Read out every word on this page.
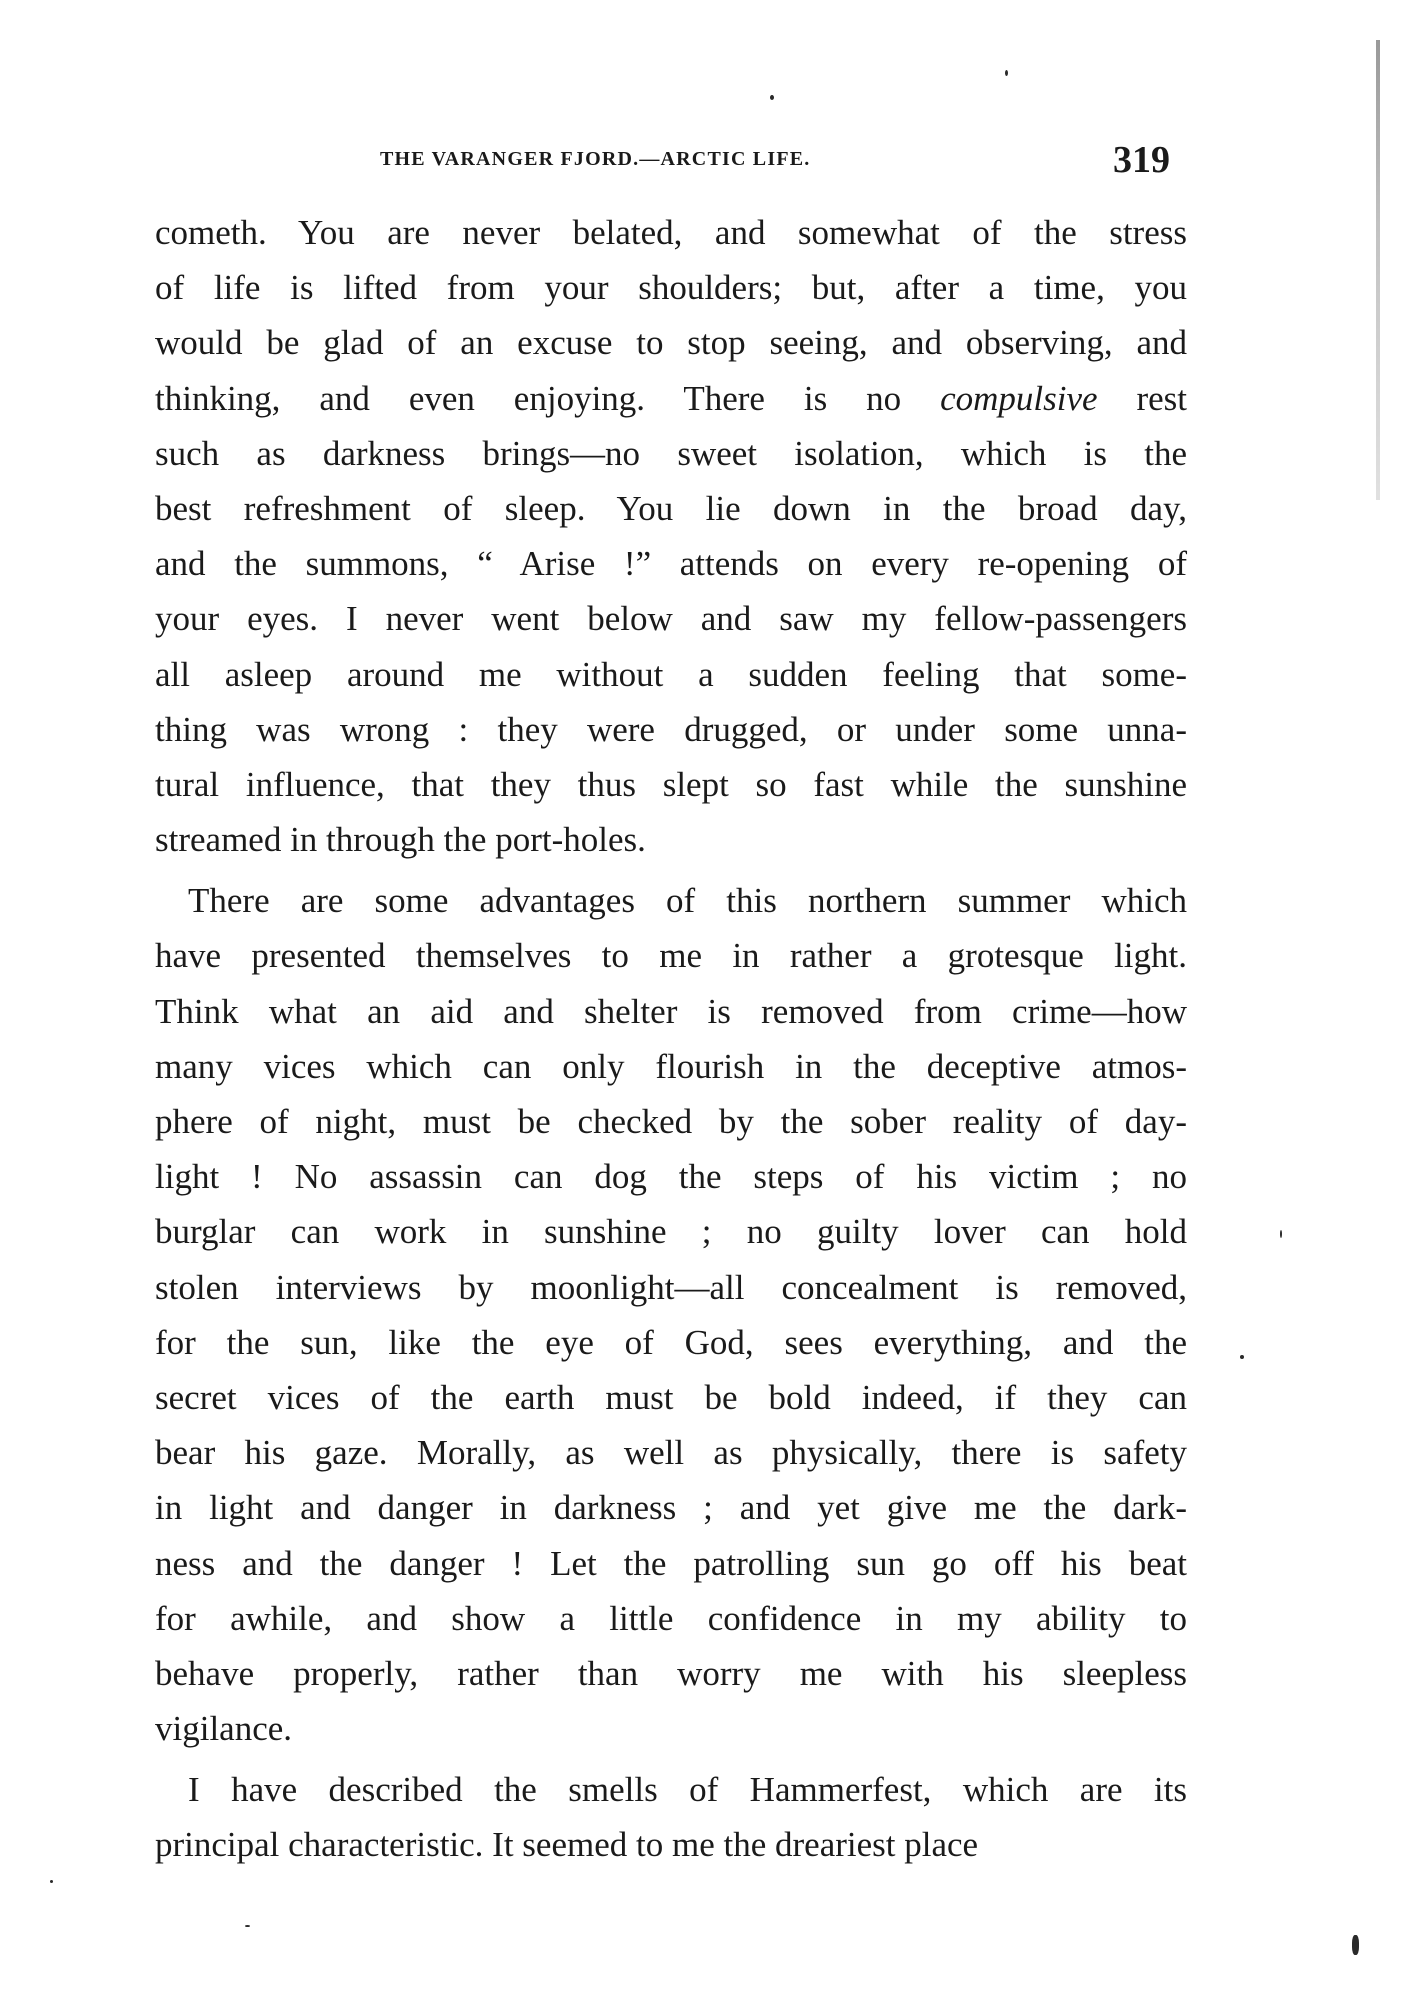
THE VARANGER FJORD.—ARCTIC LIFE.	319
cometh. You are never belated, and somewhat of the stress
of life is lifted from your shoulders; but, after a time, you
would be glad of an excuse to stop seeing, and observing, and
thinking, and even enjoying. There is no compulsive rest
such as darkness brings—no sweet isolation, which is the
best refreshment of sleep. You lie down in the broad day,
and the summons, “ Arise !” attends on every re-opening of
your eyes. I never went below and saw my fellow-passengers
all asleep around me without a sudden feeling that some-
thing was wrong : they were drugged, or under some unna-
tural influence, that they thus slept so fast while the sunshine
streamed in through the port-holes.
There are some advantages of this northern summer which
have presented themselves to me in rather a grotesque light.
Think what an aid and shelter is removed from crime—how
many vices which can only flourish in the deceptive atmos-
phere of night, must be checked by the sober reality of day-
light ! No assassin can dog the steps of his victim ; no
burglar can work in sunshine ; no guilty lover can hold
stolen interviews by moonlight—all concealment is removed,
for the sun, like the eye of God, sees everything, and the
secret vices of the earth must be bold indeed, if they can
bear his gaze. Morally, as well as physically, there is safety
in light and danger in darkness ; and yet give me the dark-
ness and the danger ! Let the patrolling sun go off his beat
for awhile, and show a little confidence in my ability to
behave properly, rather than worry me with his sleepless
vigilance.
I have described the smells of Hammerfest, which are its
principal characteristic. It seemed to me the dreariest place
